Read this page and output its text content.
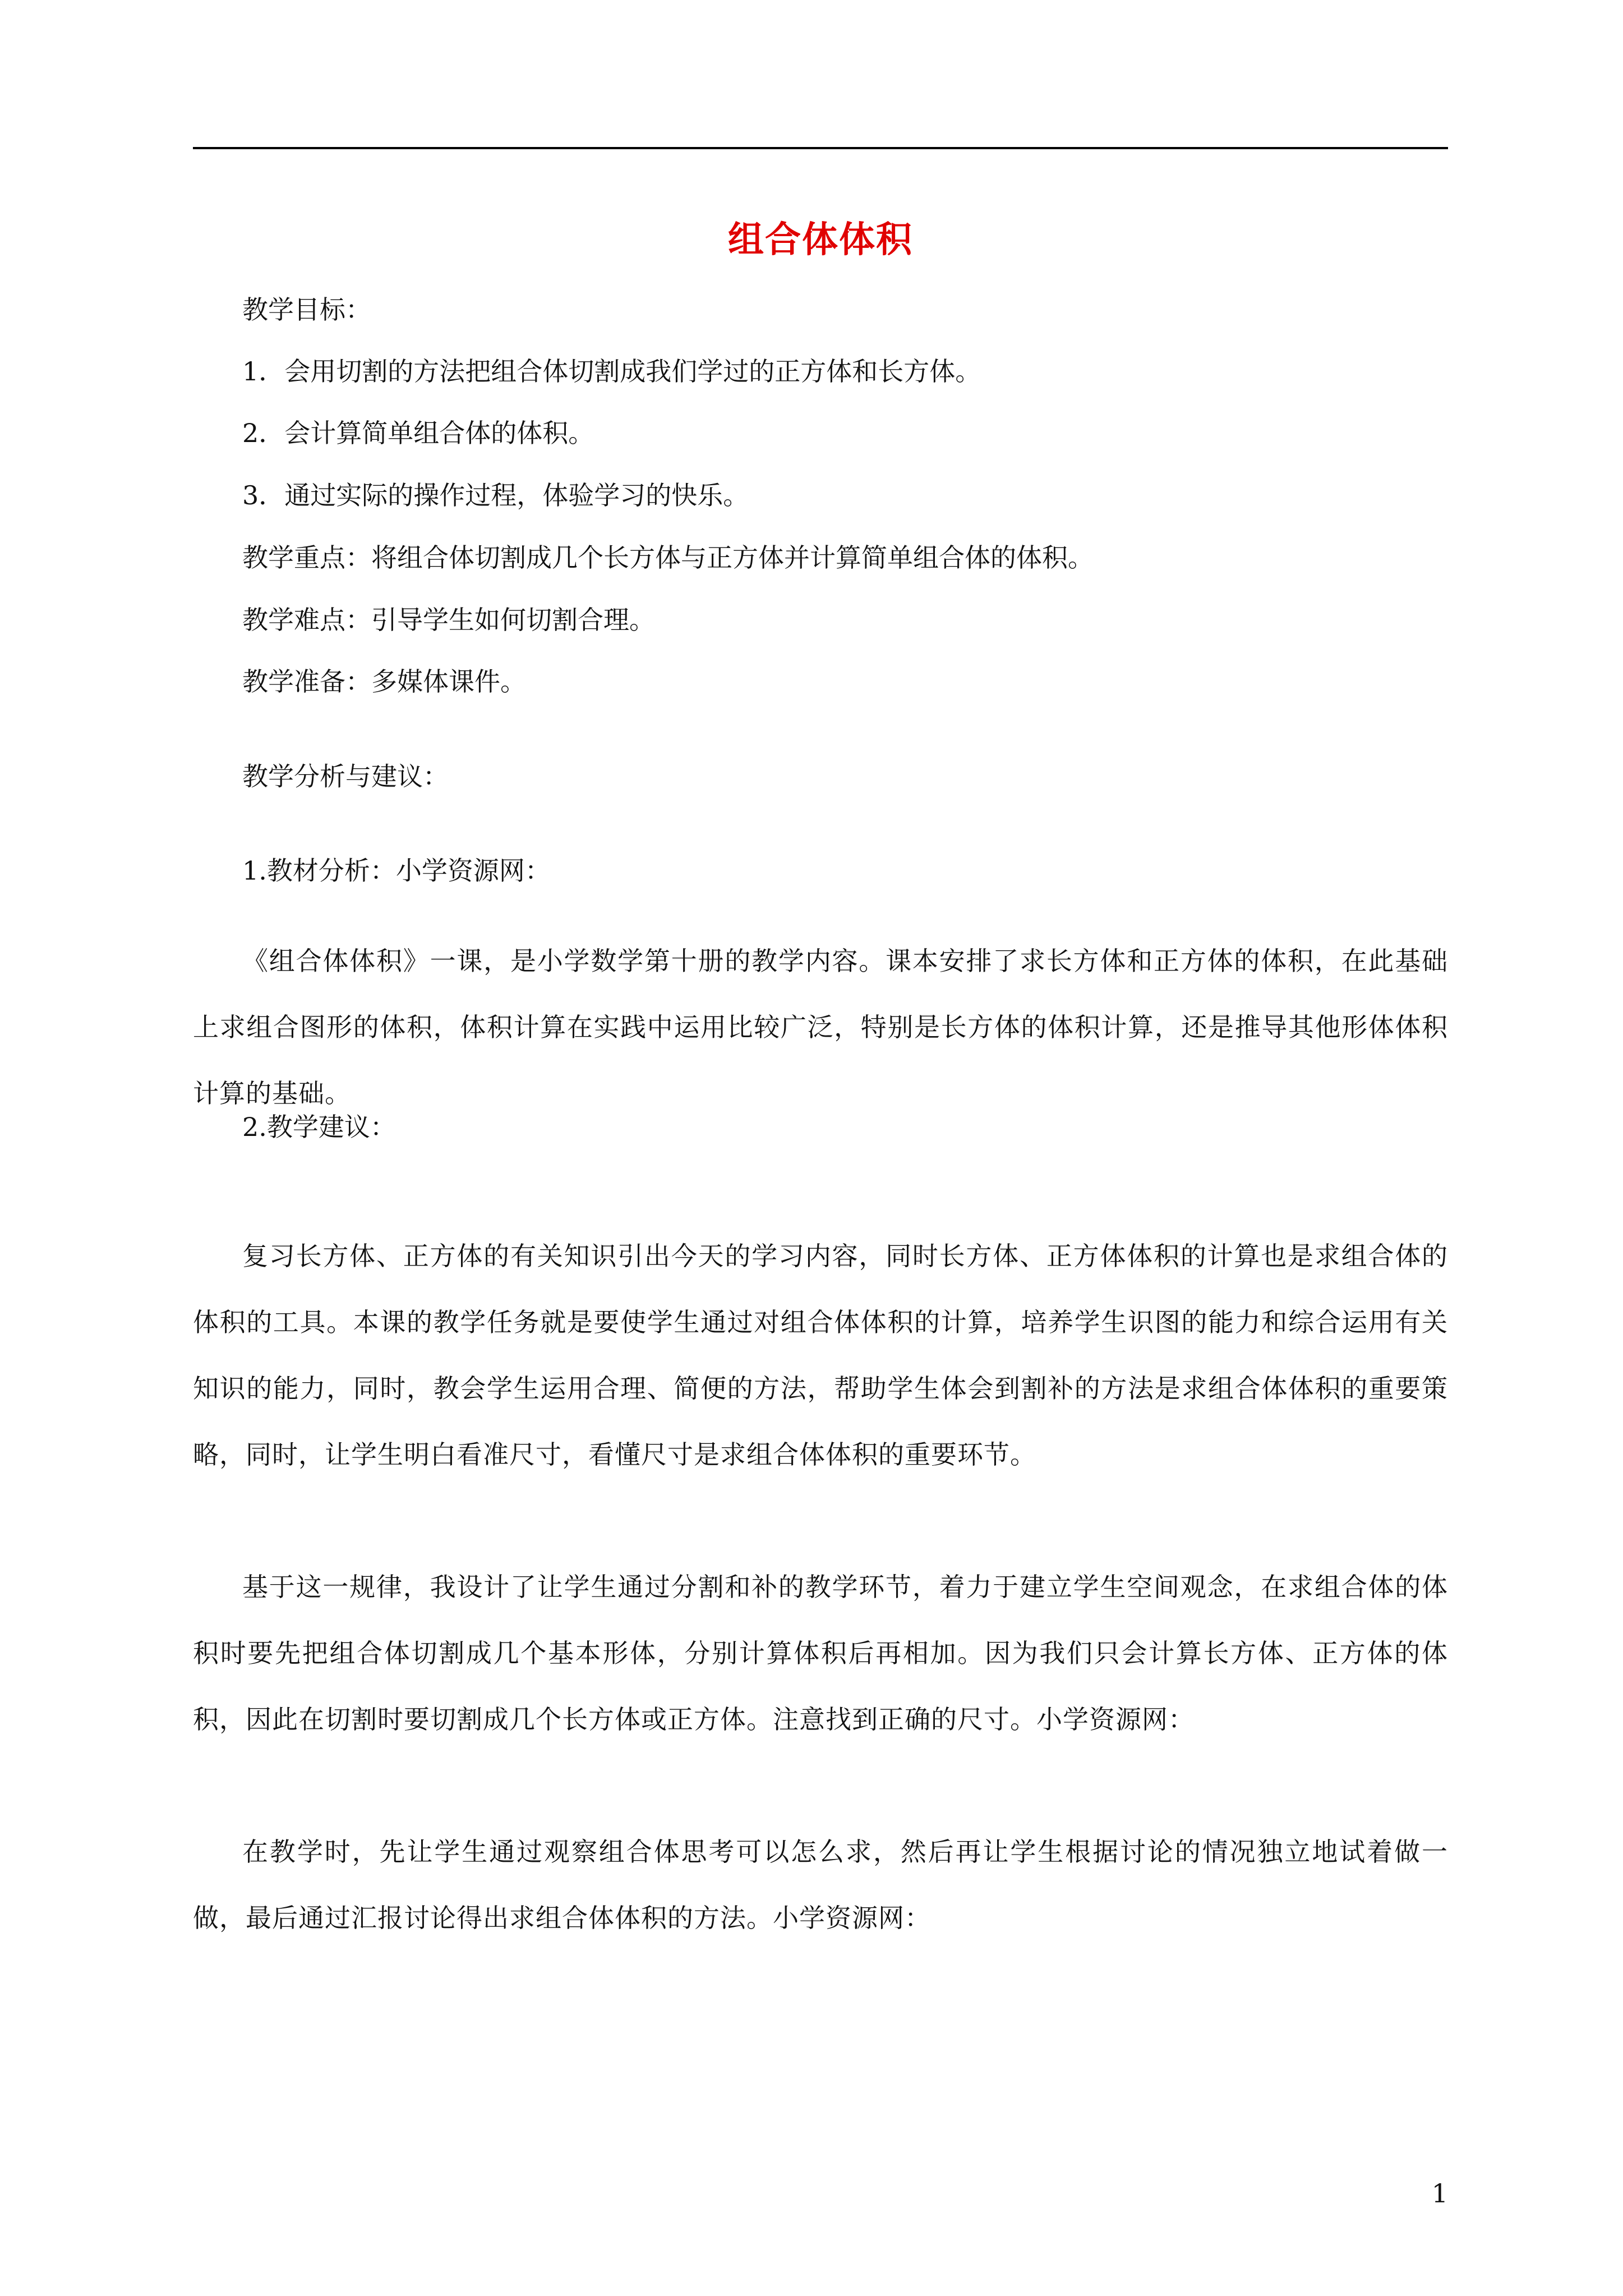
组合体体积

教学目标：

1．会用切割的方法把组合体切割成我们学过的正方体和长方体。

2．会计算简单组合体的体积。

3．通过实际的操作过程，体验学习的快乐。

教学重点：将组合体切割成几个长方体与正方体并计算简单组合体的体积。

教学难点：引导学生如何切割合理。

教学准备：多媒体课件。

教学分析与建议：

1.教材分析：小学资源网：

《组合体体积》一课，是小学数学第十册的教学内容。课本安排了求长方体和正方体的体积，在此基础上求组合图形的体积，体积计算在实践中运用比较广泛，特别是长方体的体积计算，还是推导其他形体体积计算的基础。

2.教学建议：

复习长方体、正方体的有关知识引出今天的学习内容，同时长方体、正方体体积的计算也是求组合体的体积的工具。本课的教学任务就是要使学生通过对组合体体积的计算，培养学生识图的能力和综合运用有关知识的能力，同时，教会学生运用合理、简便的方法，帮助学生体会到割补的方法是求组合体体积的重要策略，同时，让学生明白看准尺寸，看懂尺寸是求组合体体积的重要环节。

基于这一规律，我设计了让学生通过分割和补的教学环节，着力于建立学生空间观念，在求组合体的体积时要先把组合体切割成几个基本形体，分别计算体积后再相加。因为我们只会计算长方体、正方体的体积，因此在切割时要切割成几个长方体或正方体。注意找到正确的尺寸。小学资源网：

在教学时，先让学生通过观察组合体思考可以怎么求，然后再让学生根据讨论的情况独立地试着做一做，最后通过汇报讨论得出求组合体体积的方法。小学资源网：

1
